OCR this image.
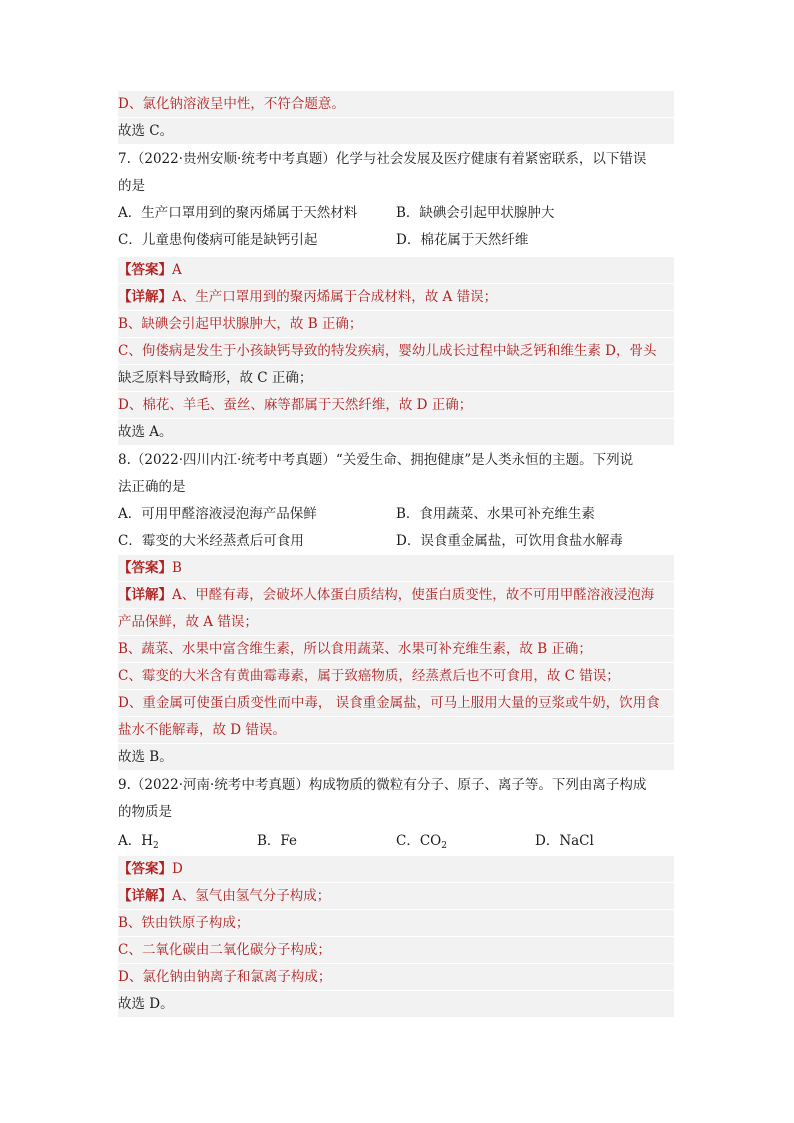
D、氯化钠溶液呈中性，不符合题意。
故选 C。
7.（2022·贵州安顺·统考中考真题）化学与社会发展及医疗健康有着紧密联系，以下错误
的是
A．生产口罩用到的聚丙烯属于天然材料	B．缺碘会引起甲状腺肿大
C．儿童患佝偻病可能是缺钙引起	D．棉花属于天然纤维
【答案】A
【详解】A、生产口罩用到的聚丙烯属于合成材料，故 A 错误；
B、缺碘会引起甲状腺肿大，故 B 正确；
C、佝偻病是发生于小孩缺钙导致的特发疾病，婴幼儿成长过程中缺乏钙和维生素 D，骨头
缺乏原料导致畸形，故 C 正确；
D、棉花、羊毛、蚕丝、麻等都属于天然纤维，故 D 正确；
故选 A。
8.（2022·四川内江·统考中考真题）“关爱生命、拥抱健康”是人类永恒的主题。下列说
法正确的是
A．可用甲醛溶液浸泡海产品保鲜	B．食用蔬菜、水果可补充维生素
C．霉变的大米经蒸煮后可食用	D．误食重金属盐，可饮用食盐水解毒
【答案】B
【详解】A、甲醛有毒，会破坏人体蛋白质结构，使蛋白质变性，故不可用甲醛溶液浸泡海
产品保鲜，故 A 错误；
B、蔬菜、水果中富含维生素，所以食用蔬菜、水果可补充维生素，故 B 正确；
C、霉变的大米含有黄曲霉毒素，属于致癌物质，经蒸煮后也不可食用，故 C 错误；
D、重金属可使蛋白质变性而中毒， 误食重金属盐，可马上服用大量的豆浆或牛奶，饮用食
盐水不能解毒，故 D 错误。
故选 B。
9.（2022·河南·统考中考真题）构成物质的微粒有分子、原子、离子等。下列由离子构成
的物质是
A．$H_2$	B．Fe	C．$CO_2$	D．NaCl
【答案】D
【详解】A、氢气由氢气分子构成；
B、铁由铁原子构成；
C、二氧化碳由二氧化碳分子构成；
D、氯化钠由钠离子和氯离子构成；
故选 D。
